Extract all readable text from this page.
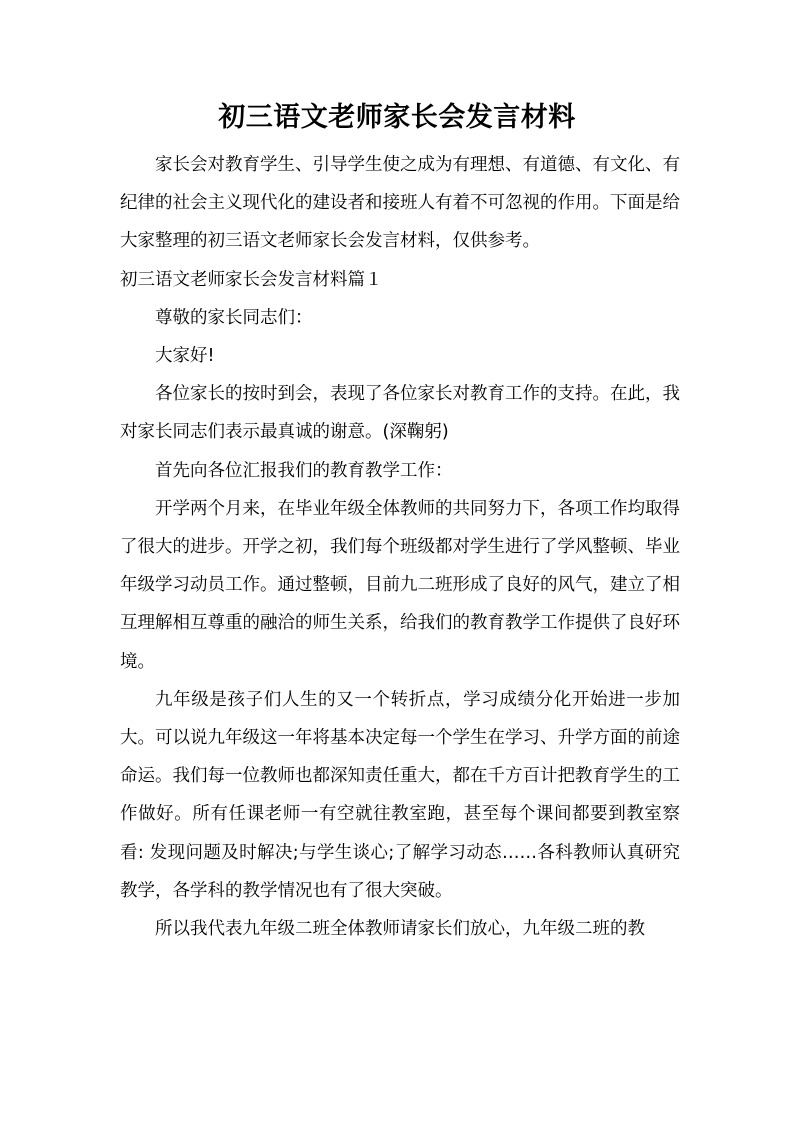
初三语文老师家长会发言材料

家长会对教育学生、引导学生使之成为有理想、有道德、有文化、有纪律的社会主义现代化的建设者和接班人有着不可忽视的作用。下面是给大家整理的初三语文老师家长会发言材料，仅供参考。

初三语文老师家长会发言材料篇１

尊敬的家长同志们：

大家好!

各位家长的按时到会，表现了各位家长对教育工作的支持。在此，我对家长同志们表示最真诚的谢意。(深鞠躬)

首先向各位汇报我们的教育教学工作：

开学两个月来，在毕业年级全体教师的共同努力下，各项工作均取得了很大的进步。开学之初，我们每个班级都对学生进行了学风整顿、毕业年级学习动员工作。通过整顿，目前九二班形成了良好的风气，建立了相互理解相互尊重的融洽的师生关系，给我们的教育教学工作提供了良好环境。

九年级是孩子们人生的又一个转折点，学习成绩分化开始进一步加大。可以说九年级这一年将基本决定每一个学生在学习、升学方面的前途命运。我们每一位教师也都深知责任重大，都在千方百计把教育学生的工作做好。所有任课老师一有空就往教室跑，甚至每个课间都要到教室察看: 发现问题及时解决;与学生谈心;了解学习动态……各科教师认真研究教学，各学科的教学情况也有了很大突破。

所以我代表九年级二班全体教师请家长们放心，九年级二班的教
